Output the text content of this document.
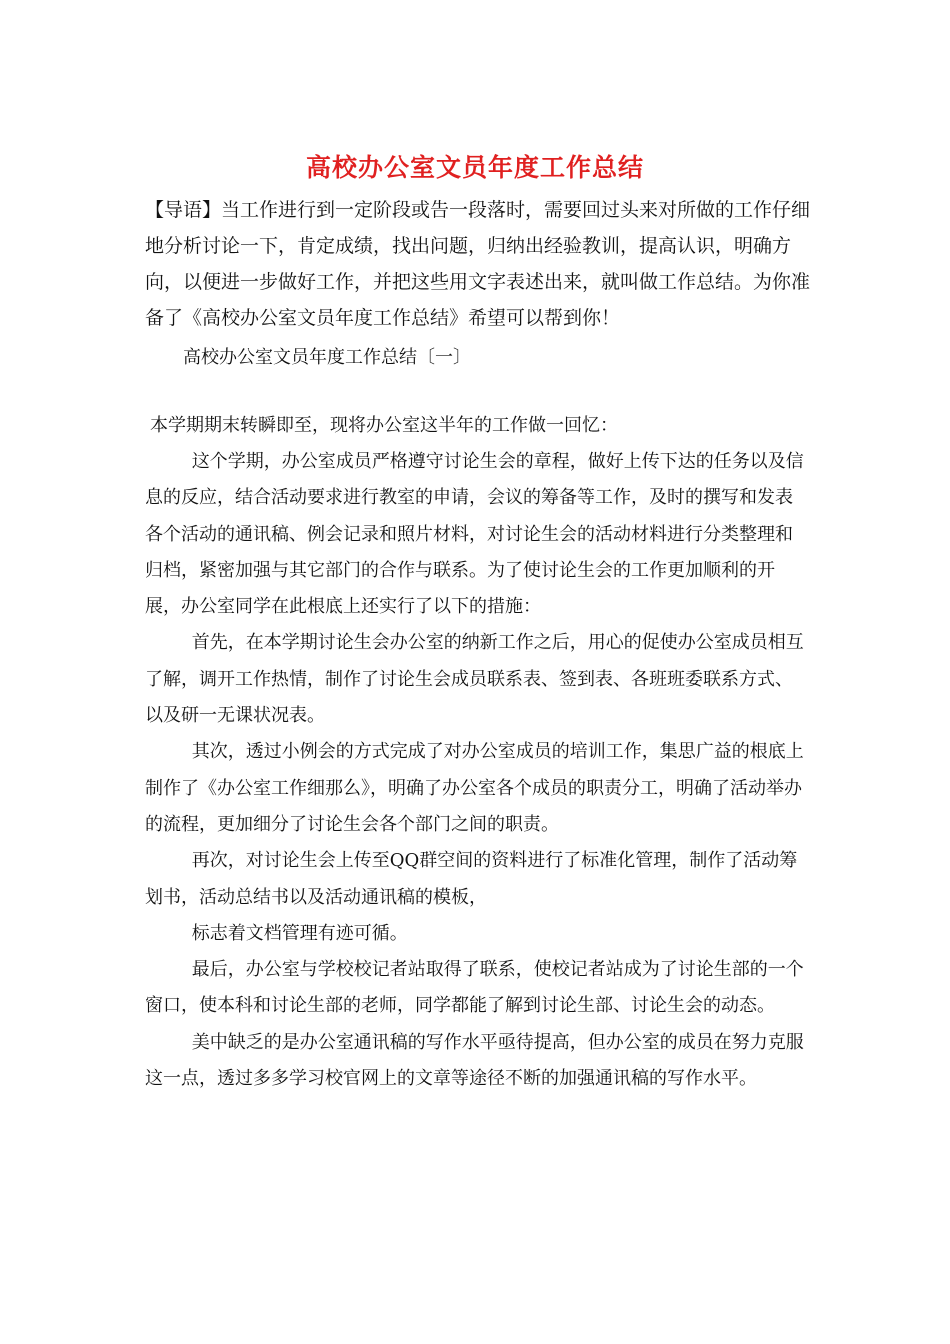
高校办公室文员年度工作总结
【导语】当工作进行到一定阶段或告一段落时，需要回过头来对所做的工作仔细地分析讨论一下，肯定成绩，找出问题，归纳出经验教训，提高认识，明确方向，以便进一步做好工作，并把这些用文字表述出来，就叫做工作总结。为你准备了《高校办公室文员年度工作总结》希望可以帮到你！
高校办公室文员年度工作总结〔一〕
本学期期末转瞬即至，现将办公室这半年的工作做一回忆：

这个学期，办公室成员严格遵守讨论生会的章程，做好上传下达的任务以及信息的反应，结合活动要求进行教室的申请，会议的筹备等工作，及时的撰写和发表各个活动的通讯稿、例会记录和照片材料，对讨论生会的活动材料进行分类整理和归档，紧密加强与其它部门的合作与联系。为了使讨论生会的工作更加顺利的开展，办公室同学在此根底上还实行了以下的措施：

首先，在本学期讨论生会办公室的纳新工作之后，用心的促使办公室成员相互了解，调开工作热情，制作了讨论生会成员联系表、签到表、各班班委联系方式、以及研一无课状况表。

其次，透过小例会的方式完成了对办公室成员的培训工作，集思广益的根底上制作了《办公室工作细那么》，明确了办公室各个成员的职责分工，明确了活动举办的流程，更加细分了讨论生会各个部门之间的职责。

再次，对讨论生会上传至QQ群空间的资料进行了标准化管理，制作了活动筹划书，活动总结书以及活动通讯稿的模板，

标志着文档管理有迹可循。

最后，办公室与学校校记者站取得了联系，使校记者站成为了讨论生部的一个窗口，使本科和讨论生部的老师，同学都能了解到讨论生部、讨论生会的动态。

美中缺乏的是办公室通讯稿的写作水平亟待提高，但办公室的成员在努力克服这一点，透过多多学习校官网上的文章等途径不断的加强通讯稿的写作水平。
